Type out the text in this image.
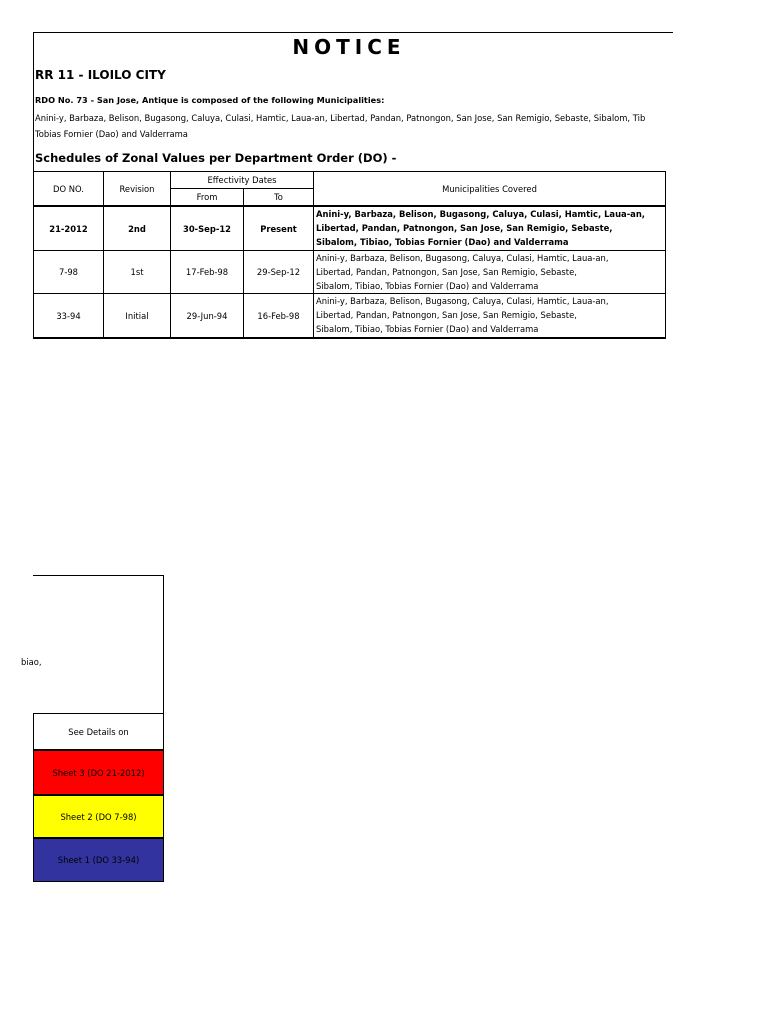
NOTICE
RR 11 - ILOILO CITY
RDO No. 73 - San Jose, Antique is composed of the following Municipalities:
Anini-y, Barbaza, Belison, Bugasong, Caluya, Culasi, Hamtic, Laua-an, Libertad, Pandan, Patnongon, San Jose, San Remigio, Sebaste, Sibalom, Tib
Tobias Fornier (Dao) and Valderrama
Schedules of Zonal Values per Department Order (DO) -
DO NO.	Revision	Effectivity Dates		Municipalities Covered
		From	To	
21-2012	2nd	30-Sep-12	Present	Anini-y, Barbaza, Belison, Bugasong, Caluya, Culasi, Hamtic, Laua-an,
Libertad, Pandan, Patnongon, San Jose, San Remigio, Sebaste,
Sibalom, Tibiao, Tobias Fornier (Dao) and Valderrama

7-98	1st	17-Feb-98	29-Sep-12	Anini-y, Barbaza, Belison, Bugasong, Caluya, Culasi, Hamtic, Laua-an,
Libertad, Pandan, Patnongon, San Jose, San Remigio, Sebaste,
Sibalom, Tibiao, Tobias Fornier (Dao) and Valderrama

33-94	Initial	29-Jun-94	16-Feb-98	Anini-y, Barbaza, Belison, Bugasong, Caluya, Culasi, Hamtic, Laua-an,
Libertad, Pandan, Patnongon, San Jose, San Remigio, Sebaste,
Sibalom, Tibiao, Tobias Fornier (Dao) and Valderrama
biao,
See Details on
Sheet 3 (DO 21-2012)
Sheet 2 (DO 7-98)
Sheet 1 (DO 33-94)
